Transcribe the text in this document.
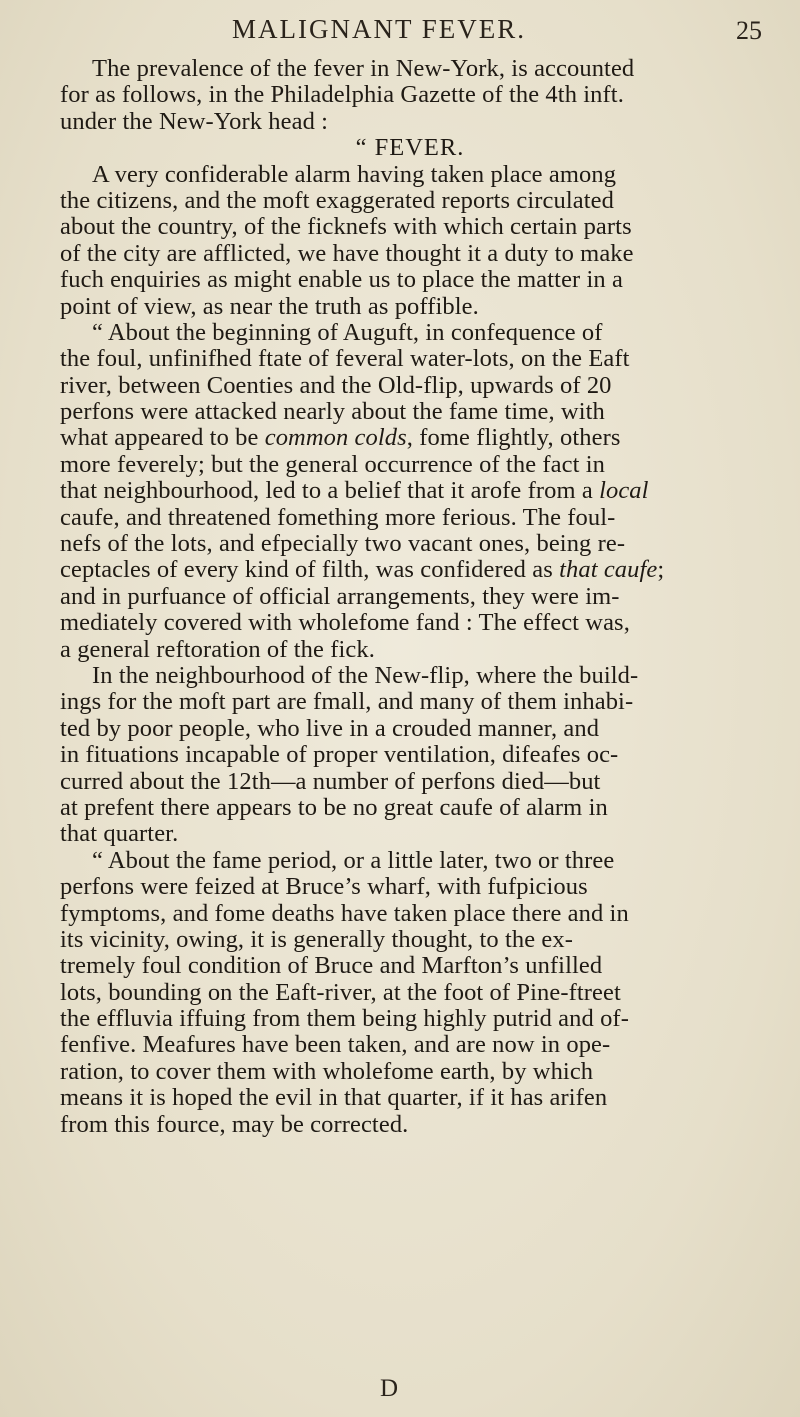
MALIGNANT FEVER.	25
The prevalence of the fever in New-York, is accounted
for as follows, in the Philadelphia Gazette of the 4th inft.
under the New-York head :
“ FEVER.
A very confiderable alarm having taken place among
the citizens, and the moft exaggerated reports circulated
about the country, of the ficknefs with which certain parts
of the city are afflicted, we have thought it a duty to make
fuch enquiries as might enable us to place the matter in a
point of view, as near the truth as poffible.
“ About the beginning of Auguft, in confequence of
the foul, unfinifhed ftate of feveral water-lots, on the Eaft
river, between Coenties and the Old-flip, upwards of 20
perfons were attacked nearly about the fame time, with
what appeared to be common colds, fome flightly, others
more feverely; but the general occurrence of the fact in
that neighbourhood, led to a belief that it arofe from a local
caufe, and threatened fomething more ferious. The foul-
nefs of the lots, and efpecially two vacant ones, being re-
ceptacles of every kind of filth, was confidered as that caufe;
and in purfuance of official arrangements, they were im-
mediately covered with wholefome fand : The effect was,
a general reftoration of the fick.
In the neighbourhood of the New-flip, where the build-
ings for the moft part are fmall, and many of them inhabi-
ted by poor people, who live in a crouded manner, and
in fituations incapable of proper ventilation, difeafes oc-
curred about the 12th—a number of perfons died—but
at prefent there appears to be no great caufe of alarm in
that quarter.
“ About the fame period, or a little later, two or three
perfons were feized at Bruce’s wharf, with fufpicious
fymptoms, and fome deaths have taken place there and in
its vicinity, owing, it is generally thought, to the ex-
tremely foul condition of Bruce and Marfton’s unfilled
lots, bounding on the Eaft-river, at the foot of Pine-ftreet
the effluvia iffuing from them being highly putrid and of-
fenfive. Meafures have been taken, and are now in ope-
ration, to cover them with wholefome earth, by which
means it is hoped the evil in that quarter, if it has arifen
from this fource, may be corrected.
D
